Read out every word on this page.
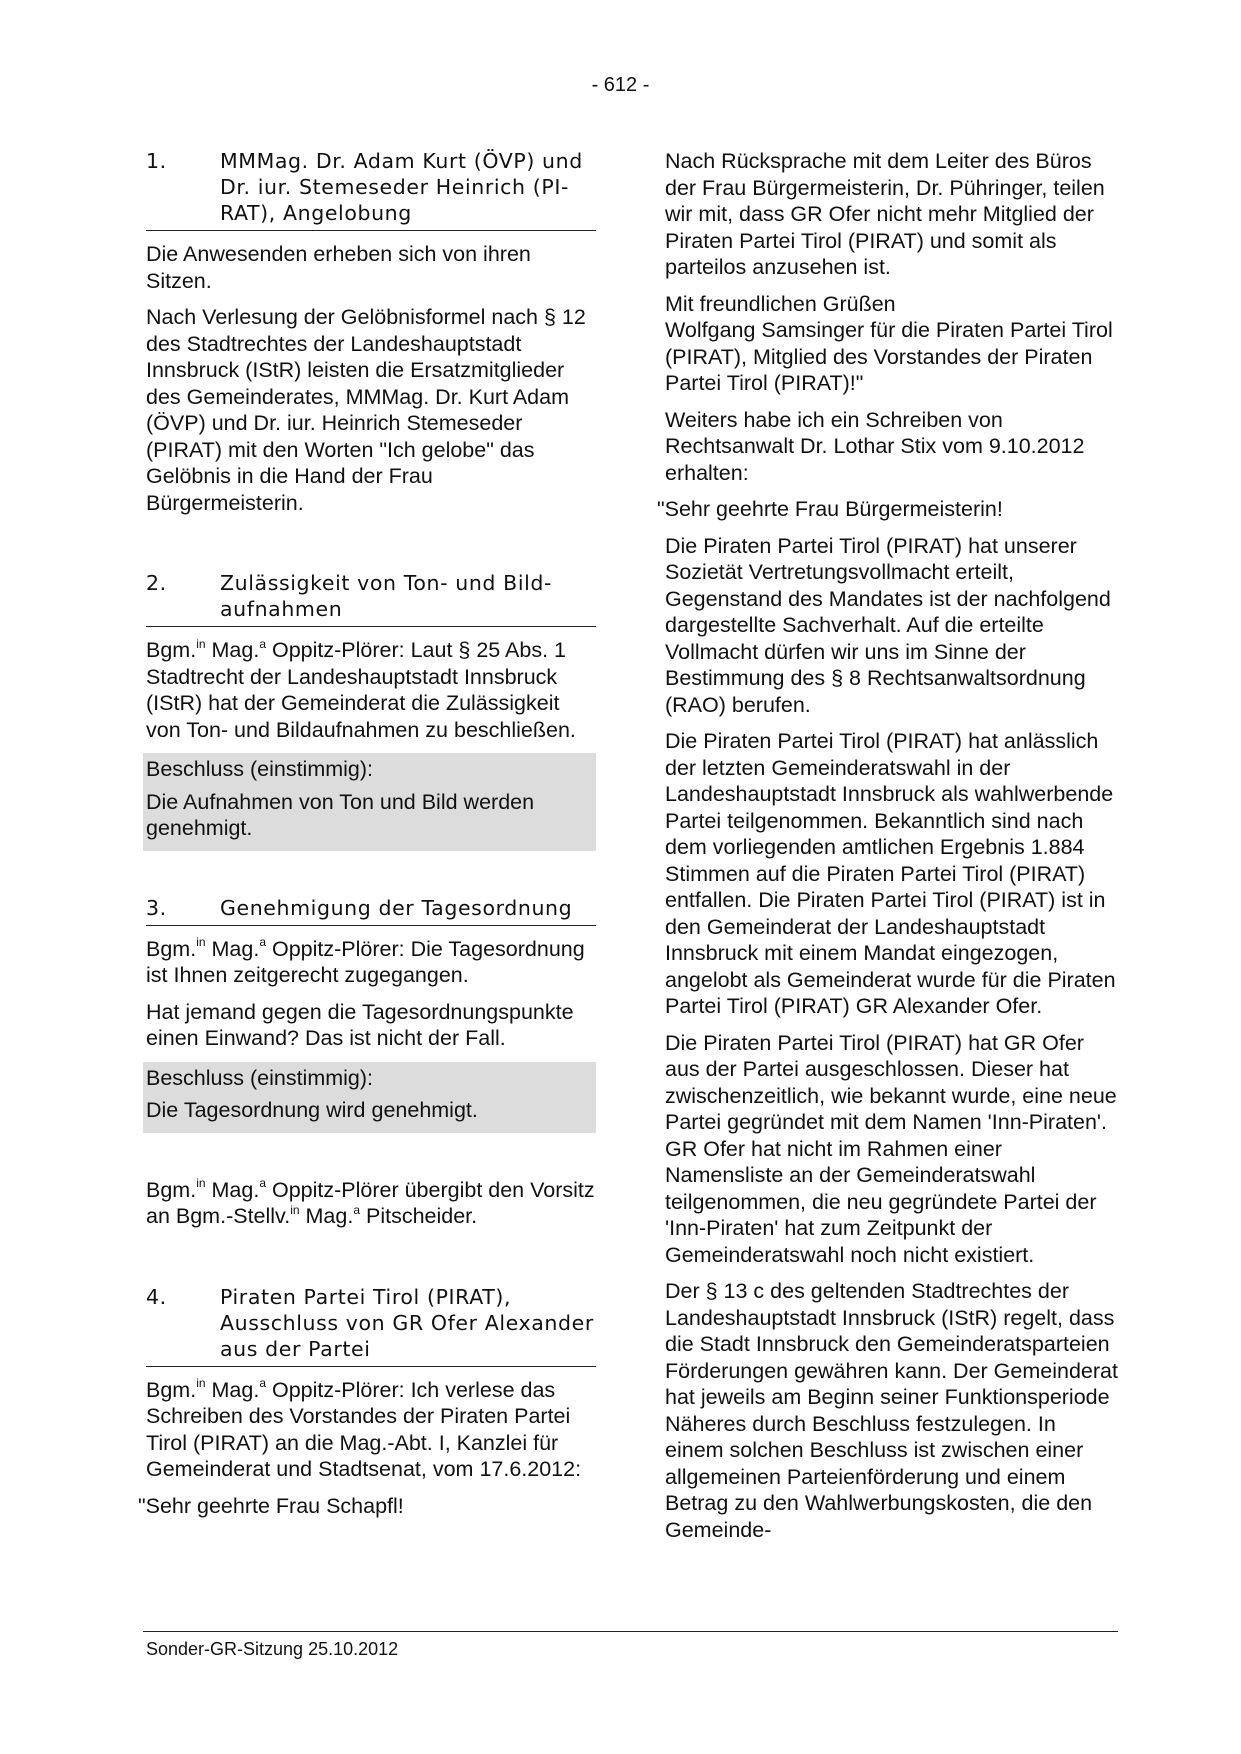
- 612 -
1.	MMMag. Dr. Adam Kurt (ÖVP) und Dr. iur. Stemeseder Heinrich (PI-RAT), Angelobung

Die Anwesenden erheben sich von ihren Sitzen.

Nach Verlesung der Gelöbnisformel nach § 12 des Stadtrechtes der Landeshauptstadt Innsbruck (IStR) leisten die Ersatzmitglieder des Gemeinderates, MMMag. Dr. Kurt Adam (ÖVP) und Dr. iur. Heinrich Stemeseder (PIRAT) mit den Worten "Ich gelobe" das Gelöbnis in die Hand der Frau Bürgermeisterin.

2.	Zulässigkeit von Ton- und Bild-aufnahmen

Bgm.$^{in}$ Mag.$^a$ Oppitz-Plörer: Laut § 25 Abs. 1 Stadtrecht der Landeshauptstadt Innsbruck (IStR) hat der Gemeinderat die Zulässigkeit von Ton- und Bildaufnahmen zu beschließen.

Beschluss (einstimmig):

Die Aufnahmen von Ton und Bild werden genehmigt.

3.	Genehmigung der Tagesordnung

Bgm.$^{in}$ Mag.$^a$ Oppitz-Plörer: Die Tagesordnung ist Ihnen zeitgerecht zugegangen.

Hat jemand gegen die Tagesordnungspunkte einen Einwand? Das ist nicht der Fall.

Beschluss (einstimmig):

Die Tagesordnung wird genehmigt.

Bgm.$^{in}$ Mag.$^a$ Oppitz-Plörer übergibt den Vorsitz an Bgm.-Stellv.$^{in}$ Mag.$^a$ Pitscheider.

4.	Piraten Partei Tirol (PIRAT), Ausschluss von GR Ofer Alexander aus der Partei

Bgm.$^{in}$ Mag.$^a$ Oppitz-Plörer: Ich verlese das Schreiben des Vorstandes der Piraten Partei Tirol (PIRAT) an die Mag.-Abt. I, Kanzlei für Gemeinderat und Stadtsenat, vom 17.6.2012:

"Sehr geehrte Frau Schapfl!

Nach Rücksprache mit dem Leiter des Büros der Frau Bürgermeisterin, Dr. Pühringer, teilen wir mit, dass GR Ofer nicht mehr Mitglied der Piraten Partei Tirol (PIRAT) und somit als parteilos anzusehen ist.

Mit freundlichen Grüßen
Wolfgang Samsinger für die Piraten Partei Tirol (PIRAT), Mitglied des Vorstandes der Piraten Partei Tirol (PIRAT)!"

Weiters habe ich ein Schreiben von Rechtsanwalt Dr. Lothar Stix vom 9.10.2012 erhalten:

"Sehr geehrte Frau Bürgermeisterin!

Die Piraten Partei Tirol (PIRAT) hat unserer Sozietät Vertretungsvollmacht erteilt, Gegenstand des Mandates ist der nachfolgend dargestellte Sachverhalt. Auf die erteilte Vollmacht dürfen wir uns im Sinne der Bestimmung des § 8 Rechtsanwaltsordnung (RAO) berufen.

Die Piraten Partei Tirol (PIRAT) hat anlässlich der letzten Gemeinderatswahl in der Landeshauptstadt Innsbruck als wahlwerbende Partei teilgenommen. Bekanntlich sind nach dem vorliegenden amtlichen Ergebnis 1.884 Stimmen auf die Piraten Partei Tirol (PIRAT) entfallen. Die Piraten Partei Tirol (PIRAT) ist in den Gemeinderat der Landeshauptstadt Innsbruck mit einem Mandat eingezogen, angelobt als Gemeinderat wurde für die Piraten Partei Tirol (PIRAT) GR Alexander Ofer.

Die Piraten Partei Tirol (PIRAT) hat GR Ofer aus der Partei ausgeschlossen. Dieser hat zwischenzeitlich, wie bekannt wurde, eine neue Partei gegründet mit dem Namen 'Inn-Piraten'. GR Ofer hat nicht im Rahmen einer Namensliste an der Gemeinderatswahl teilgenommen, die neu gegründete Partei der 'Inn-Piraten' hat zum Zeitpunkt der Gemeinderatswahl noch nicht existiert.

Der § 13 c des geltenden Stadtrechtes der Landeshauptstadt Innsbruck (IStR) regelt, dass die Stadt Innsbruck den Gemeinderatsparteien Förderungen gewähren kann. Der Gemeinderat hat jeweils am Beginn seiner Funktionsperiode Näheres durch Beschluss festzulegen. In einem solchen Beschluss ist zwischen einer allgemeinen Parteienförderung und einem Betrag zu den Wahlwerbungskosten, die den Gemeinde-

Sonder-GR-Sitzung 25.10.2012
